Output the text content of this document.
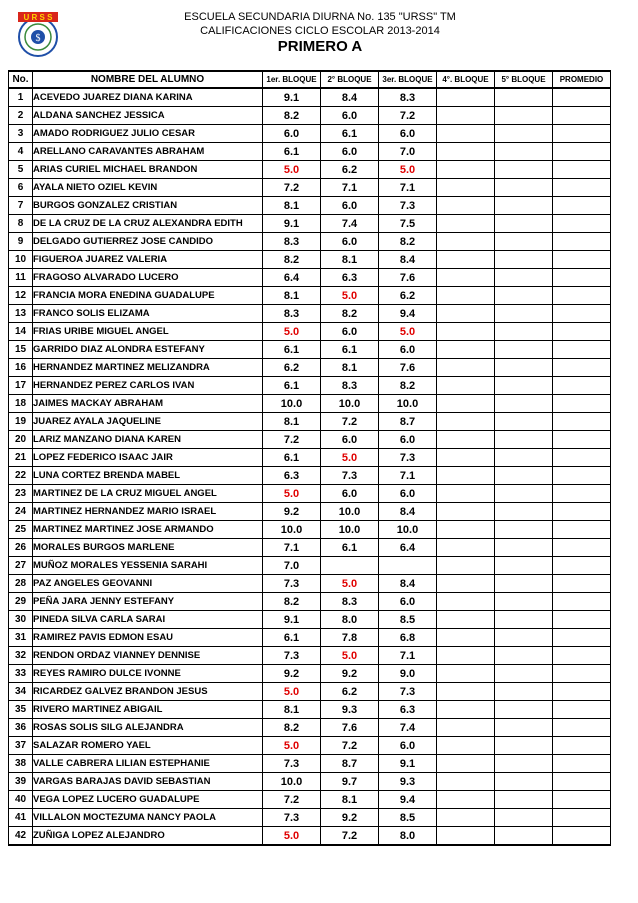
$
U R S S	ESCUELA SECUNDARIA DIURNA No. 135 "URSS" TM
CALIFICACIONES CICLO ESCOLAR 2013-2014
PRIMERO A
No.	NOMBRE DEL ALUMNO	1er. BLOQUE	2° BLOQUE	3er. BLOQUE	4°. BLOQUE	5° BLOQUE	PROMEDIO
1	ACEVEDO JUAREZ DIANA KARINA	9.1	8.4	8.3			
2	ALDANA SANCHEZ JESSICA	8.2	6.0	7.2			
3	AMADO RODRIGUEZ JULIO CESAR	6.0	6.1	6.0			
4	ARELLANO CARAVANTES ABRAHAM	6.1	6.0	7.0			
5	ARIAS CURIEL MICHAEL BRANDON	5.0	6.2	5.0			
6	AYALA NIETO OZIEL KEVIN	7.2	7.1	7.1			
7	BURGOS GONZALEZ CRISTIAN	8.1	6.0	7.3			
8	DE LA CRUZ DE LA CRUZ ALEXANDRA EDITH	9.1	7.4	7.5			
9	DELGADO GUTIERREZ JOSE CANDIDO	8.3	6.0	8.2			
10	FIGUEROA JUAREZ VALERIA	8.2	8.1	8.4			
11	FRAGOSO ALVARADO LUCERO	6.4	6.3	7.6			
12	FRANCIA MORA ENEDINA GUADALUPE	8.1	5.0	6.2			
13	FRANCO SOLIS ELIZAMA	8.3	8.2	9.4			
14	FRIAS URIBE MIGUEL ANGEL	5.0	6.0	5.0			
15	GARRIDO DIAZ ALONDRA ESTEFANY	6.1	6.1	6.0			
16	HERNANDEZ MARTINEZ MELIZANDRA	6.2	8.1	7.6			
17	HERNANDEZ PEREZ CARLOS IVAN	6.1	8.3	8.2			
18	JAIMES MACKAY ABRAHAM	10.0	10.0	10.0			
19	JUAREZ AYALA JAQUELINE	8.1	7.2	8.7			
20	LARIZ MANZANO DIANA KAREN	7.2	6.0	6.0			
21	LOPEZ FEDERICO ISAAC JAIR	6.1	5.0	7.3			
22	LUNA CORTEZ BRENDA MABEL	6.3	7.3	7.1			
23	MARTINEZ DE LA CRUZ MIGUEL ANGEL	5.0	6.0	6.0			
24	MARTINEZ HERNANDEZ MARIO ISRAEL	9.2	10.0	8.4			
25	MARTINEZ MARTINEZ JOSE ARMANDO	10.0	10.0	10.0			
26	MORALES BURGOS MARLENE	7.1	6.1	6.4			
27	MUÑOZ MORALES YESSENIA SARAHI	7.0					
28	PAZ ANGELES GEOVANNI	7.3	5.0	8.4			
29	PEÑA JARA JENNY ESTEFANY	8.2	8.3	6.0			
30	PINEDA SILVA CARLA SARAI	9.1	8.0	8.5			
31	RAMIREZ PAVIS EDMON ESAU	6.1	7.8	6.8			
32	RENDON ORDAZ VIANNEY DENNISE	7.3	5.0	7.1			
33	REYES RAMIRO DULCE IVONNE	9.2	9.2	9.0			
34	RICARDEZ GALVEZ BRANDON JESUS	5.0	6.2	7.3			
35	RIVERO MARTINEZ ABIGAIL	8.1	9.3	6.3			
36	ROSAS SOLIS SILG ALEJANDRA	8.2	7.6	7.4			
37	SALAZAR ROMERO YAEL	5.0	7.2	6.0			
38	VALLE CABRERA LILIAN ESTEPHANIE	7.3	8.7	9.1			
39	VARGAS BARAJAS DAVID SEBASTIAN	10.0	9.7	9.3			
40	VEGA LOPEZ LUCERO GUADALUPE	7.2	8.1	9.4			
41	VILLALON MOCTEZUMA NANCY PAOLA	7.3	9.2	8.5			
42	ZUÑIGA LOPEZ ALEJANDRO	5.0	7.2	8.0			
